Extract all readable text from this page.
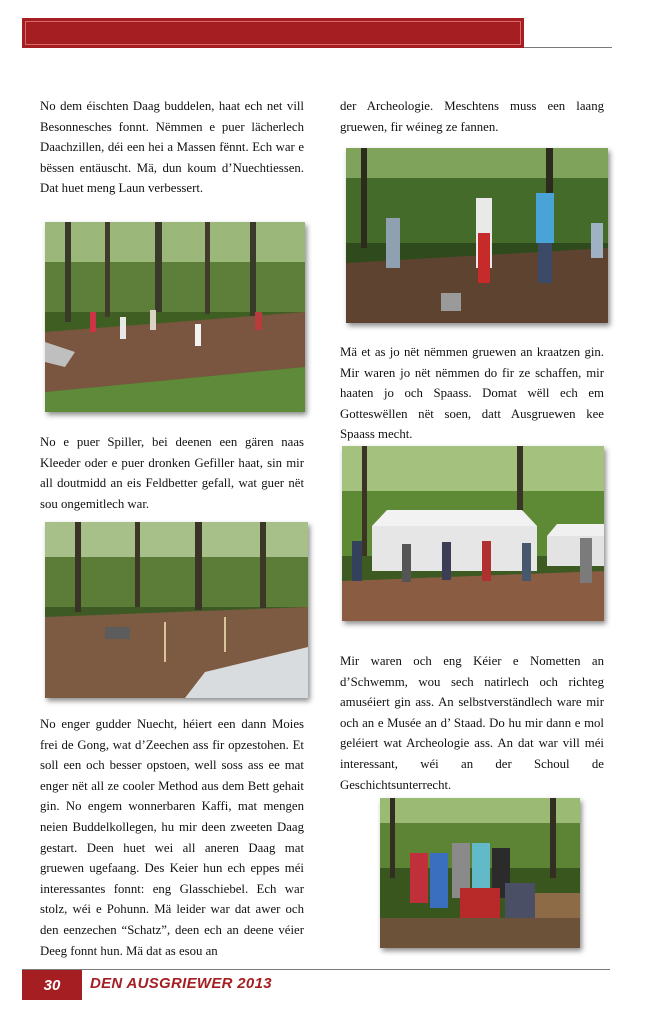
No dem éischten Daag buddelen, haat ech net vill Besonnesches fonnt. Nëmmen e puer lächerlech Daachzillen, déi een hei a Massen fënnt. Ech war e bëssen entäuscht. Mä, dun koum d’Nuechtiessen. Dat huet meng Laun verbessert.

No e puer Spiller, bei deenen een gären naas Kleeder oder e puer dronken Gefiller haat, sin mir all doutmidd an eis Feldbetter gefall, wat guer nët sou ongemitlech war.

No enger gudder Nuecht, héiert een dann Moies frei de Gong, wat d’Zeechen ass fir opzestohen. Et soll een och besser opstoen, well soss ass ee mat enger nët all ze cooler Method aus dem Bett gehait gin. No engem wonnerbaren Kaffi, mat mengen neien Buddelkollegen, hu mir deen zweeten Daag gestart. Deen huet wei all aneren Daag mat gruewen ugefaang. Des Keier hun ech eppes méi interessantes fonnt: eng Glasschiebel. Ech war stolz, wéi e Pohunn. Mä leider war dat awer och den eenzechen “Schatz”, deen ech an deene véier Deeg fonnt hun. Mä dat as esou an

der Archeologie. Meschtens muss een laang gruewen, fir wéineg ze fannen.

Mä et as jo nët nëmmen gruewen an kraatzen gin. Mir waren jo nët nëmmen do fir ze schaffen, mir haaten jo och Spaass. Domat wëll ech em Gotteswëllen nët soen, datt Ausgruewen kee Spaass mecht.

Mir waren och eng Kéier e Nometten an d’Schwemm, wou sech natirlech och richteg amuséiert gin ass. An selbstverständlech ware mir och an e Musée an d’ Staad. Do hu mir dann e mol geléiert wat Archeologie ass. An dat war vill méi interessant, wéi an der Schoul de Geschichtsunterrecht.

30 DEN AUSGRIEWER 2013
